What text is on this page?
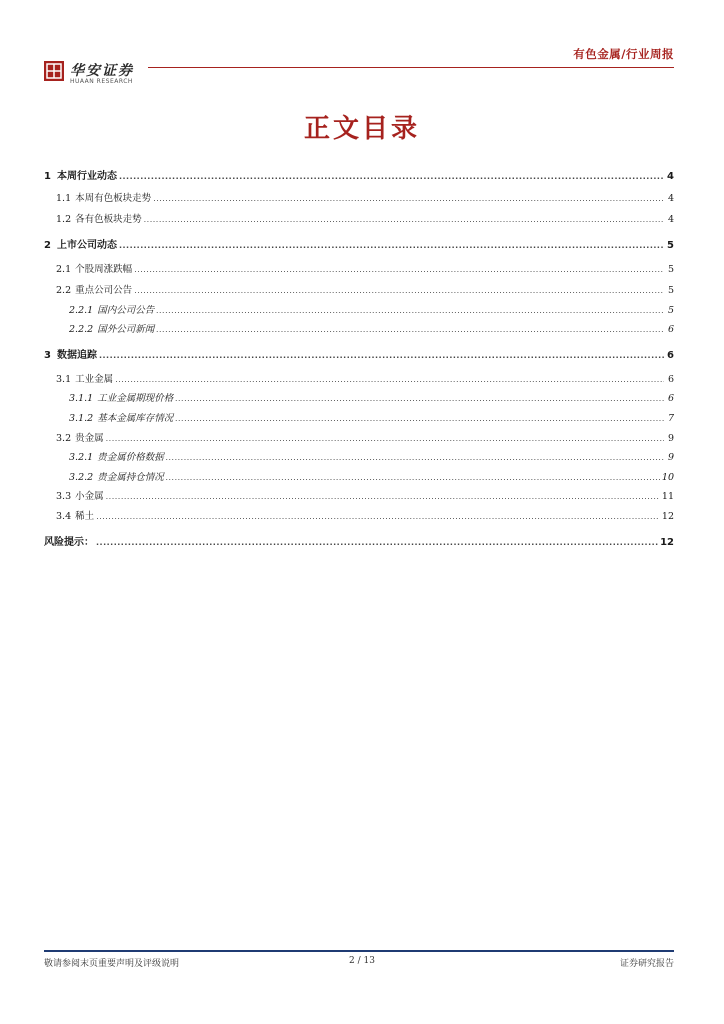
有色金属/行业周报
华安证券
HUAAN RESEARCH
正文目录
1 本周行业动态 .....	4
1.1 本周有色板块走势 .....	4
1.2 各有色板块走势 .....	4
2 上市公司动态 .....	5
2.1 个股周涨跌幅 .....	5
2.2 重点公司公告 .....	5
2.2.1 国内公司公告 .....	5
2.2.2 国外公司新闻 .....	6
3 数据追踪 .....	6
3.1 工业金属 .....	6
3.1.1 工业金属期现价格 .....	6
3.1.2 基本金属库存情况 .....	7
3.2 贵金属 .....	9
3.2.1 贵金属价格数据 .....	9
3.2.2 贵金属持仓情况 .....	10
3.3 小金属 .....	11
3.4 稀土 .....	12
风险提示： .....	12
敬请参阅末页重要声明及评级说明	2 / 13	证券研究报告
